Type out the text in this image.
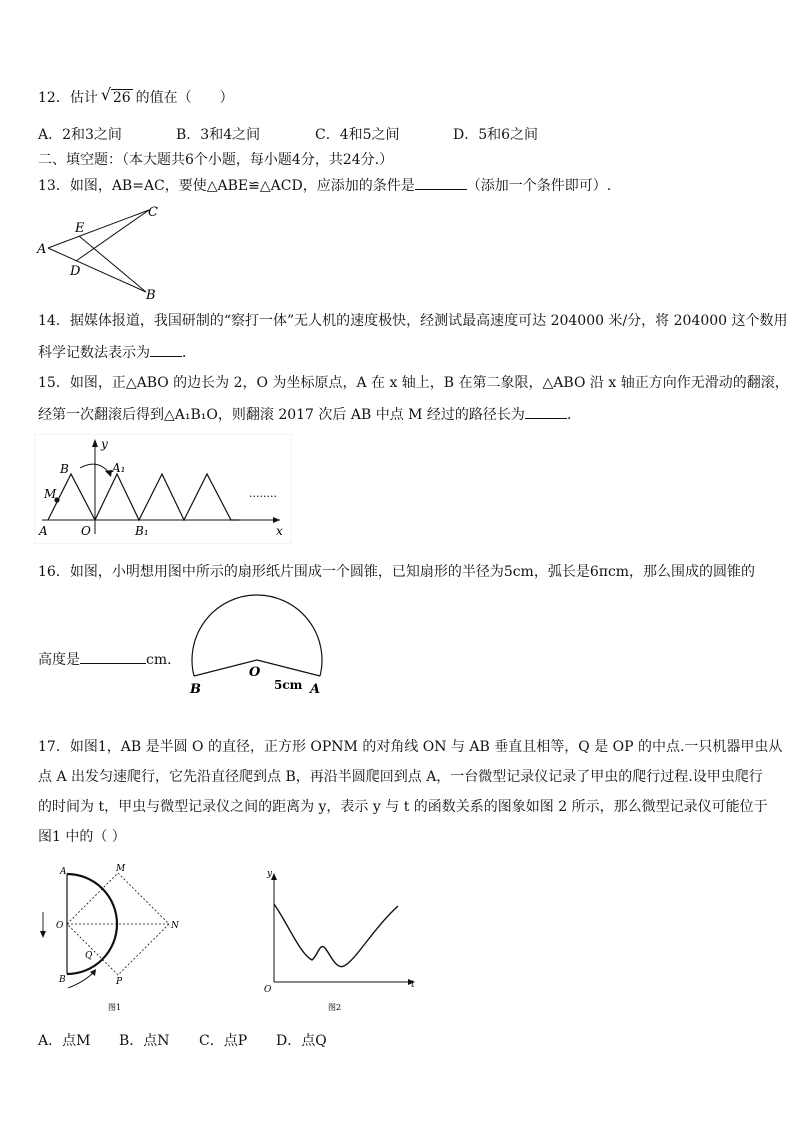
12．估计 √ 26 的值在（　　）
A．2和3之间	B．3和4之间	C．4和5之间	D．5和6之间
二、填空题：（本大题共6个小题，每小题4分，共24分.）
13．如图，AB=AC，要使△ABE≌△ACD，应添加的条件是	（添加一个条件即可）.
A
E
C
D
B
14．据媒体报道，我国研制的“察打一体”无人机的速度极快，经测试最高速度可达 204000 米/分，将 204000 这个数用
科学记数法表示为 ．
15．如图，正△ABO 的边长为 2，O 为坐标原点，A 在 x 轴上，B 在第二象限，△ABO 沿 x 轴正方向作无滑动的翻滚，
经第一次翻滚后得到△A₁B₁O，则翻滚 2017 次后 AB 中点 M 经过的路径长为	．
y
B	A₁
M
A	O	B₁	x
........
16．如图，小明想用图中所示的扇形纸片围成一个圆锥，已知扇形的半径为5cm，弧长是6πcm，那么围成的圆锥的
高度是	cm．
O
B	5cm A
17．如图1，AB 是半圆 O 的直径，正方形 OPNM 的对角线 ON 与 AB 垂直且相等，Q 是 OP 的中点.一只机器甲虫从
点 A 出发匀速爬行，它先沿直径爬到点 B，再沿半圆爬回到点 A，一台微型记录仪记录了甲虫的爬行过程.设甲虫爬行
的时间为 t，甲虫与微型记录仪之间的距离为 y，表示 y 与 t 的函数关系的图象如图 2 所示，那么微型记录仪可能位于
图1 中的（ ）
A	M
O	N
Q
B	P
图1
y
O	t
图2
A．点M B．点N C．点P D．点Q
